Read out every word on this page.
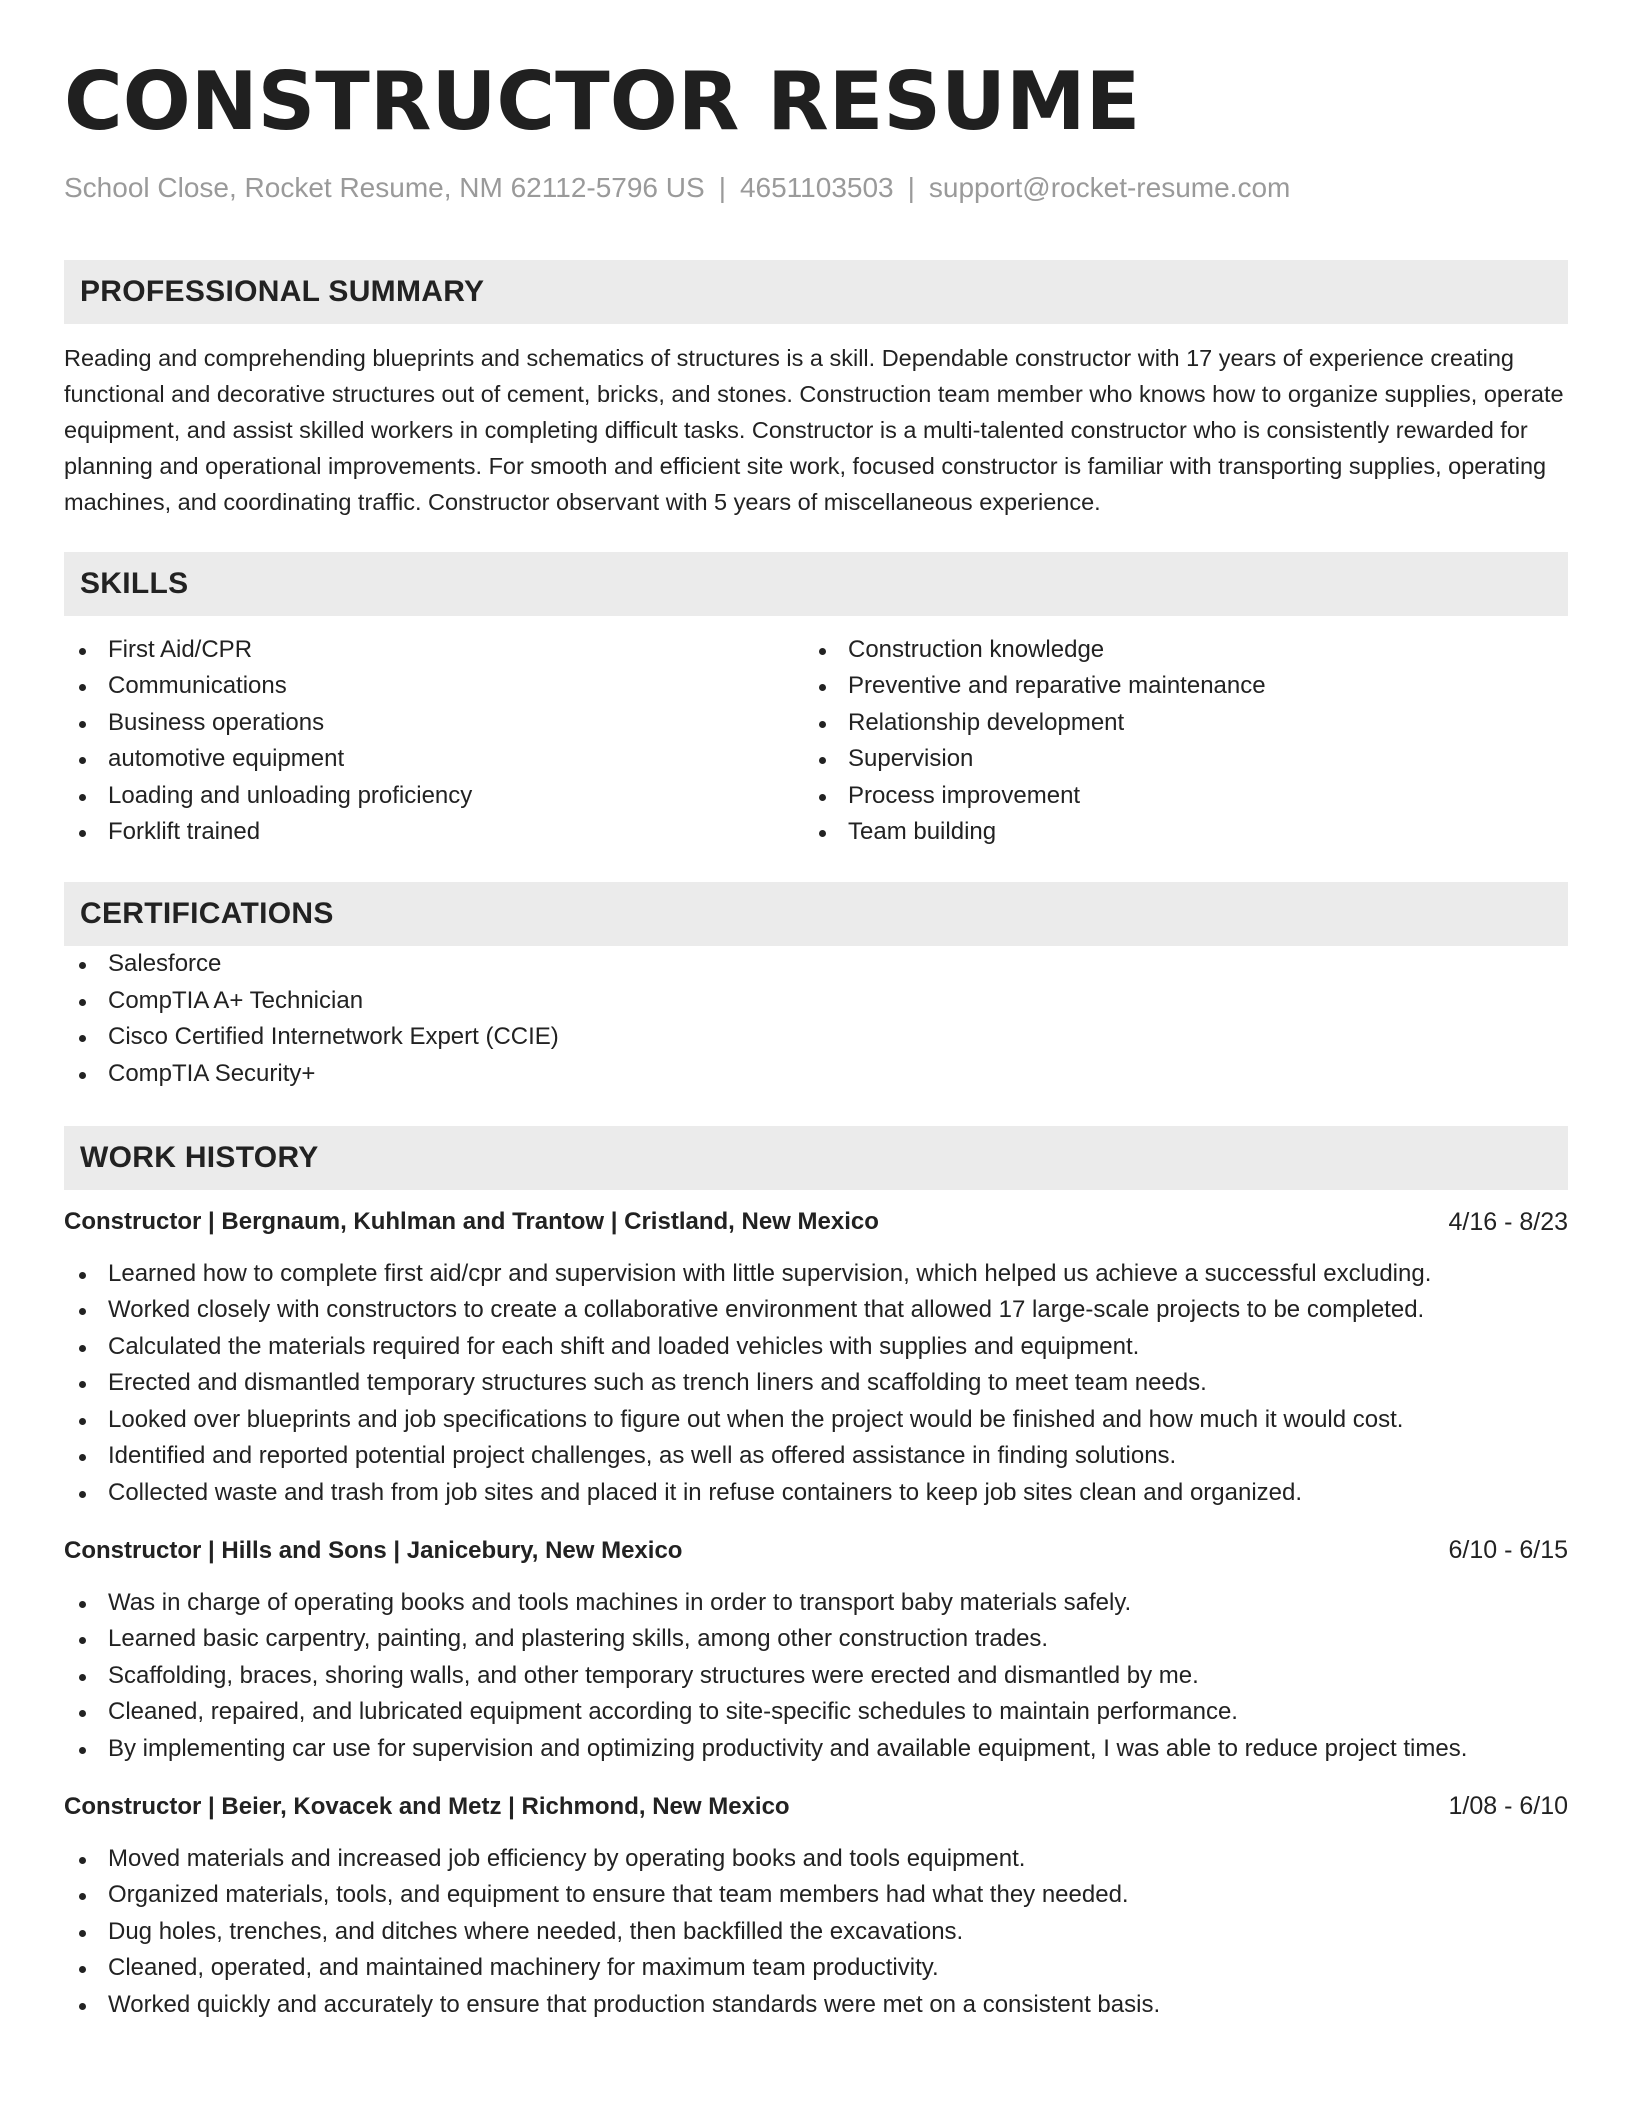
CONSTRUCTOR RESUME
School Close, Rocket Resume, NM 62112-5796 US | 4651103503 | support@rocket-resume.com
PROFESSIONAL SUMMARY

Reading and comprehending blueprints and schematics of structures is a skill. Dependable constructor with 17 years of experience creating functional and decorative structures out of cement, bricks, and stones. Construction team member who knows how to organize supplies, operate equipment, and assist skilled workers in completing difficult tasks. Constructor is a multi-talented constructor who is consistently rewarded for planning and operational improvements. For smooth and efficient site work, focused constructor is familiar with transporting supplies, operating machines, and coordinating traffic. Constructor observant with 5 years of miscellaneous experience.

SKILLS
First Aid/CPR
Communications
Business operations
automotive equipment
Loading and unloading proficiency
Forklift trained
Construction knowledge
Preventive and reparative maintenance
Relationship development
Supervision
Process improvement
Team building
CERTIFICATIONS
Salesforce
CompTIA A+ Technician
Cisco Certified Internetwork Expert (CCIE)
CompTIA Security+
WORK HISTORY
Constructor | Bergnaum, Kuhlman and Trantow | Cristland, New Mexico	4/16 - 8/23
Learned how to complete first aid/cpr and supervision with little supervision, which helped us achieve a successful excluding.
Worked closely with constructors to create a collaborative environment that allowed 17 large-scale projects to be completed.
Calculated the materials required for each shift and loaded vehicles with supplies and equipment.
Erected and dismantled temporary structures such as trench liners and scaffolding to meet team needs.
Looked over blueprints and job specifications to figure out when the project would be finished and how much it would cost.
Identified and reported potential project challenges, as well as offered assistance in finding solutions.
Collected waste and trash from job sites and placed it in refuse containers to keep job sites clean and organized.
Constructor | Hills and Sons | Janicebury, New Mexico	6/10 - 6/15
Was in charge of operating books and tools machines in order to transport baby materials safely.
Learned basic carpentry, painting, and plastering skills, among other construction trades.
Scaffolding, braces, shoring walls, and other temporary structures were erected and dismantled by me.
Cleaned, repaired, and lubricated equipment according to site-specific schedules to maintain performance.
By implementing car use for supervision and optimizing productivity and available equipment, I was able to reduce project times.
Constructor | Beier, Kovacek and Metz | Richmond, New Mexico	1/08 - 6/10
Moved materials and increased job efficiency by operating books and tools equipment.
Organized materials, tools, and equipment to ensure that team members had what they needed.
Dug holes, trenches, and ditches where needed, then backfilled the excavations.
Cleaned, operated, and maintained machinery for maximum team productivity.
Worked quickly and accurately to ensure that production standards were met on a consistent basis.
